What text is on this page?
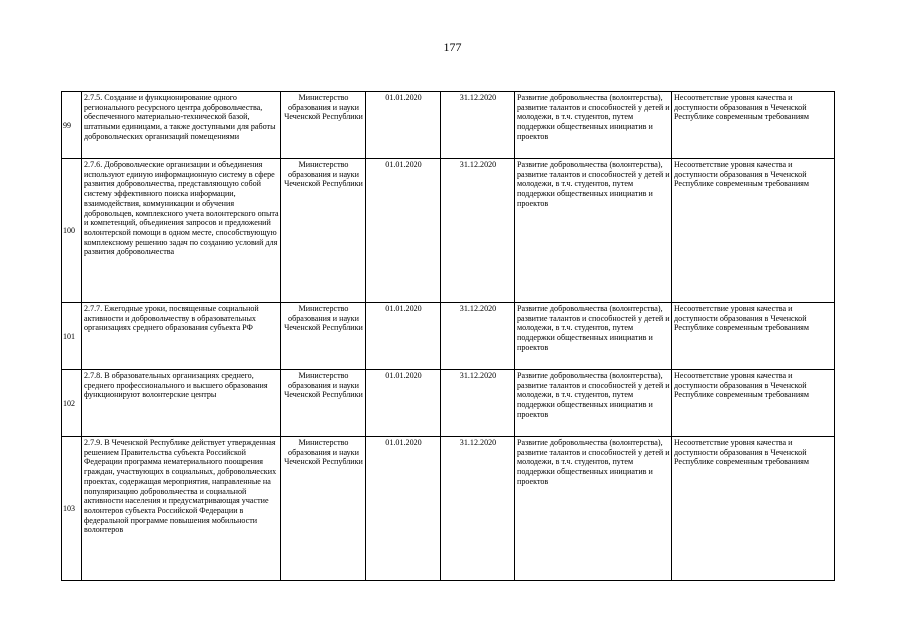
177
99	2.7.5. Создание и функционирование одного регионального ресурсного центра добровольчества, обеспеченного материально-технической базой, штатными единицами, а также доступными для работы добровольческих организаций помещениями	Министерство образования и науки Чеченской Республики	01.01.2020	31.12.2020	Развитие добровольчества (волонтерства), развитие талантов и способностей у детей и молодежи, в т.ч. студентов, путем поддержки общественных инициатив и проектов	Несоответствие уровня качества и доступности образования в Чеченской Республике современным требованиям
100	2.7.6. Добровольческие организации и объединения используют единую информационную систему в сфере развития добровольчества, представляющую собой систему эффективного поиска информации, взаимодействия, коммуникации и обучения добровольцев, комплексного учета волонтерского опыта и компетенций, объединения запросов и предложений волонтерской помощи в одном месте, способствующую комплексному решению задач по созданию условий для развития добровольчества	Министерство образования и науки Чеченской Республики	01.01.2020	31.12.2020	Развитие добровольчества (волонтерства), развитие талантов и способностей у детей и молодежи, в т.ч. студентов, путем поддержки общественных инициатив и проектов	Несоответствие уровня качества и доступности образования в Чеченской Республике современным требованиям
101	2.7.7. Ежегодные уроки, посвященные социальной активности и добровольчеству в образовательных организациях среднего образования субъекта РФ	Министерство образования и науки Чеченской Республики	01.01.2020	31.12.2020	Развитие добровольчества (волонтерства), развитие талантов и способностей у детей и молодежи, в т.ч. студентов, путем поддержки общественных инициатив и проектов	Несоответствие уровня качества и доступности образования в Чеченской Республике современным требованиям
102	2.7.8. В образовательных организациях среднего, среднего профессионального и высшего образования функционируют волонтерские центры	Министерство образования и науки Чеченской Республики	01.01.2020	31.12.2020	Развитие добровольчества (волонтерства), развитие талантов и способностей у детей и молодежи, в т.ч. студентов, путем поддержки общественных инициатив и проектов	Несоответствие уровня качества и доступности образования в Чеченской Республике современным требованиям
103	2.7.9. В Чеченской Республике действует утвержденная решением Правительства субъекта Российской Федерации программа нематериального поощрения граждан, участвующих в социальных, добровольческих проектах, содержащая мероприятия, направленные на популяризацию добровольчества и социальной активности населения и предусматривающая участие волонтеров субъекта Российской Федерации в федеральной программе повышения мобильности волонтеров	Министерство образования и науки Чеченской Республики	01.01.2020	31.12.2020	Развитие добровольчества (волонтерства), развитие талантов и способностей у детей и молодежи, в т.ч. студентов, путем поддержки общественных инициатив и проектов	Несоответствие уровня качества и доступности образования в Чеченской Республике современным требованиям
